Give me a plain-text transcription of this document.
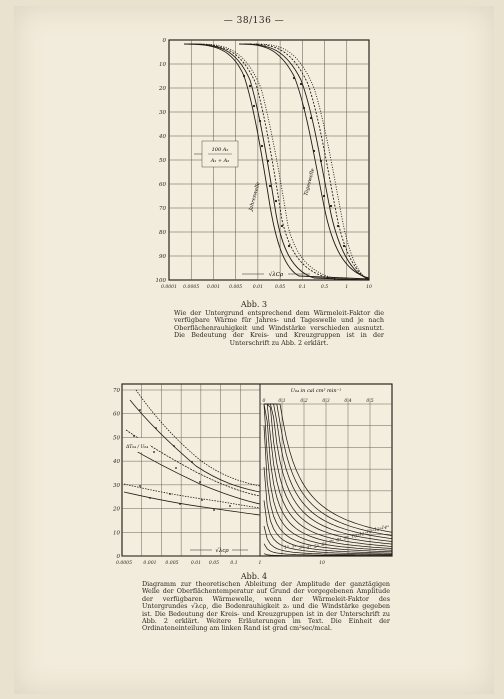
— 38/136 —
0
10
20
30
40
50
60
70
80
90
100
0.0001 0.0005 0.001 0.005 0.01	0.05	0.1	0.5	1	10
100 A₂
A₁ + A₂
Jahreswelle	Tageswelle
√λCρ
Abb. 3
Wie der Untergrund entsprechend dem Wärmeleit-Faktor die verfügbare Wärme für Jahres- und Tageswelle und je nach Oberflächenrauhigkeit und Windstärke verschieden ausnutzt. Die Bedeutung der Kreis- und Kreuzgruppen ist in der Unterschrift zu Abb. 2 erklärt.
70
60
50
40
30
20
10
0
0.0005 0.001 0.005	0.01 0.05 0.1	1	10
U₀₄ in cal cm² min⁻¹
0	0.1	0.2	0.3	0.4	0.5
1° 2° 3° 4° 5° 6° 7° 8° 9° 10° 11° 12° 13° 14°
ΔT₀₄ / U₀₄
√λcρ
Abb. 4
Diagramm zur theoretischen Ableitung der Amplitude der ganztägigen Welle der Oberflächentemperatur auf Grund der vorgegebenen Amplitude der verfügbaren Wärmewelle, wenn der Wärmeleit-Faktor des Untergrundes √λcρ, die Bodenrauhigkeit z₀ und die Windstärke gegeben ist. Die Bedeutung der Kreis- und Kreuzgruppen ist in der Unterschrift zu Abb. 2 erklärt. Weitere Erläuterungen im Text. Die Einheit der Ordinateneinteilung am linken Rand ist grad cm²sec/mcal.
